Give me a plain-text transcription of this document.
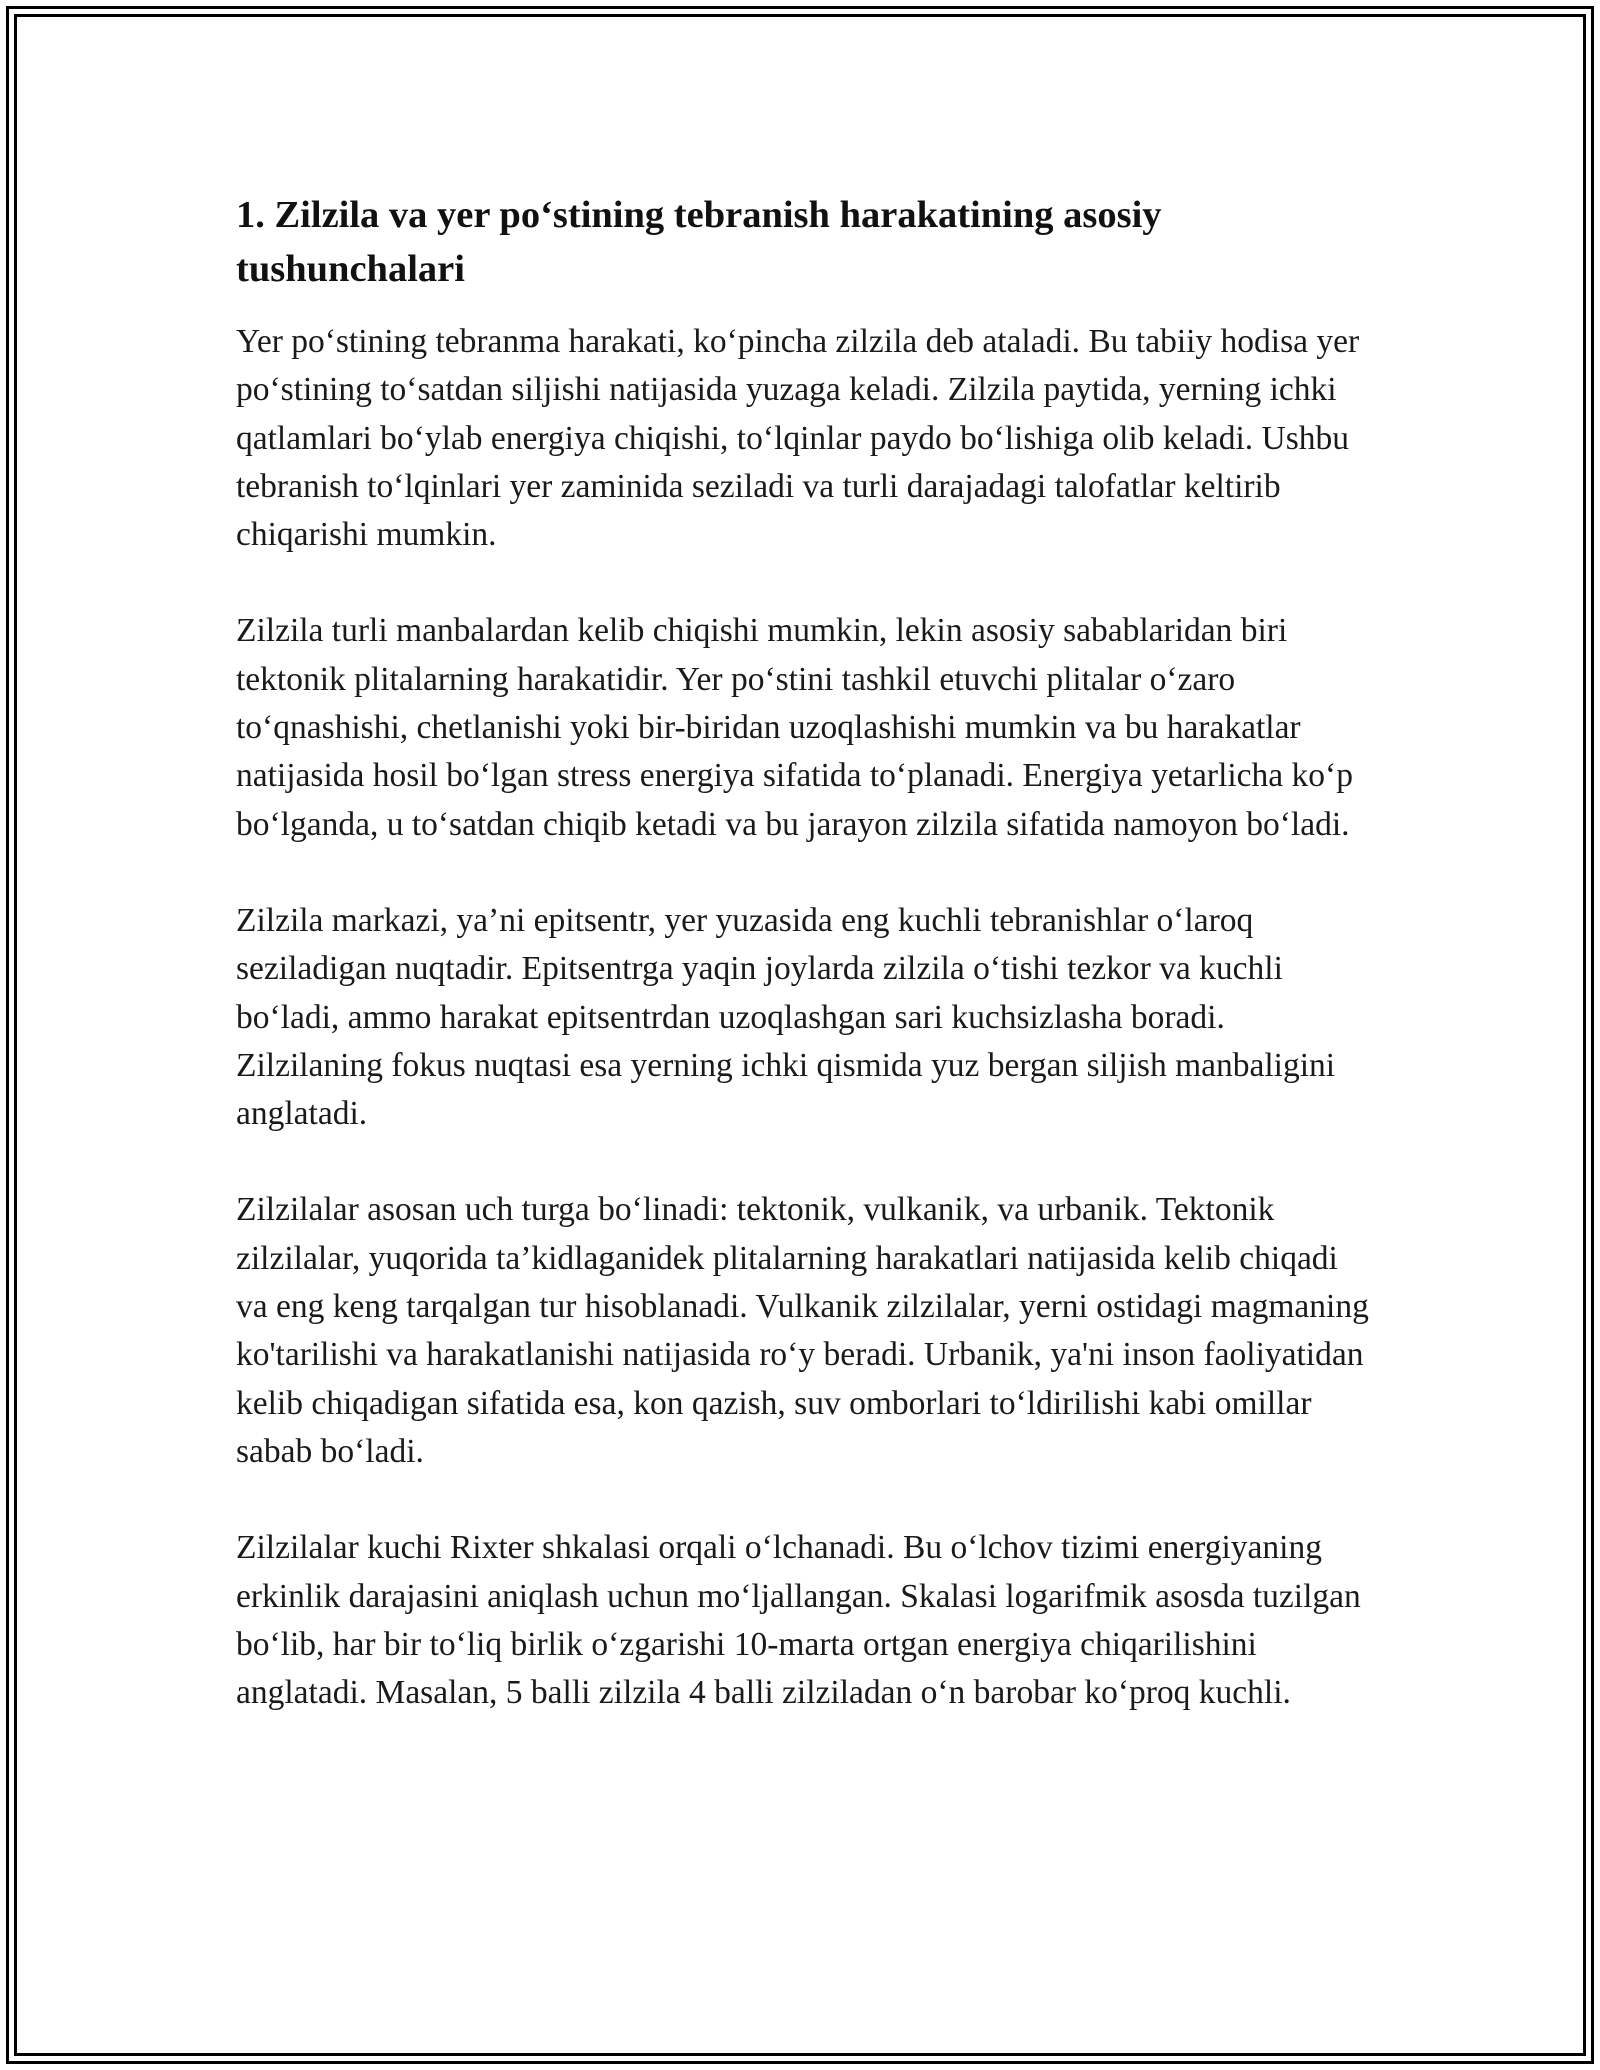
1. Zilzila va yer po‘stining tebranish harakatining asosiy tushunchalari

Yer po‘stining tebranma harakati, ko‘pincha zilzila deb ataladi. Bu tabiiy hodisa yer po‘stining to‘satdan siljishi natijasida yuzaga keladi. Zilzila paytida, yerning ichki qatlamlari bo‘ylab energiya chiqishi, to‘lqinlar paydo bo‘lishiga olib keladi. Ushbu tebranish to‘lqinlari yer zaminida seziladi va turli darajadagi talofatlar keltirib chiqarishi mumkin.

Zilzila turli manbalardan kelib chiqishi mumkin, lekin asosiy sabablaridan biri tektonik plitalarning harakatidir. Yer po‘stini tashkil etuvchi plitalar o‘zaro to‘qnashishi, chetlanishi yoki bir-biridan uzoqlashishi mumkin va bu harakatlar natijasida hosil bo‘lgan stress energiya sifatida to‘planadi. Energiya yetarlicha ko‘p bo‘lganda, u to‘satdan chiqib ketadi va bu jarayon zilzila sifatida namoyon bo‘ladi.

Zilzila markazi, ya’ni epitsentr, yer yuzasida eng kuchli tebranishlar o‘laroq seziladigan nuqtadir. Epitsentrga yaqin joylarda zilzila o‘tishi tezkor va kuchli bo‘ladi, ammo harakat epitsentrdan uzoqlashgan sari kuchsizlasha boradi. Zilzilaning fokus nuqtasi esa yerning ichki qismida yuz bergan siljish manbaligini anglatadi.

Zilzilalar asosan uch turga bo‘linadi: tektonik, vulkanik, va urbanik. Tektonik zilzilalar, yuqorida ta’kidlaganidek plitalarning harakatlari natijasida kelib chiqadi va eng keng tarqalgan tur hisoblanadi. Vulkanik zilzilalar, yerni ostidagi magmaning ko'tarilishi va harakatlanishi natijasida ro‘y beradi. Urbanik, ya'ni inson faoliyatidan kelib chiqadigan sifatida esa, kon qazish, suv omborlari to‘ldirilishi kabi omillar sabab bo‘ladi.

Zilzilalar kuchi Rixter shkalasi orqali o‘lchanadi. Bu o‘lchov tizimi energiyaning erkinlik darajasini aniqlash uchun mo‘ljallangan. Skalasi logarifmik asosda tuzilgan bo‘lib, har bir to‘liq birlik o‘zgarishi 10-marta ortgan energiya chiqarilishini anglatadi. Masalan, 5 balli zilzila 4 balli zilziladan o‘n barobar ko‘proq kuchli.
